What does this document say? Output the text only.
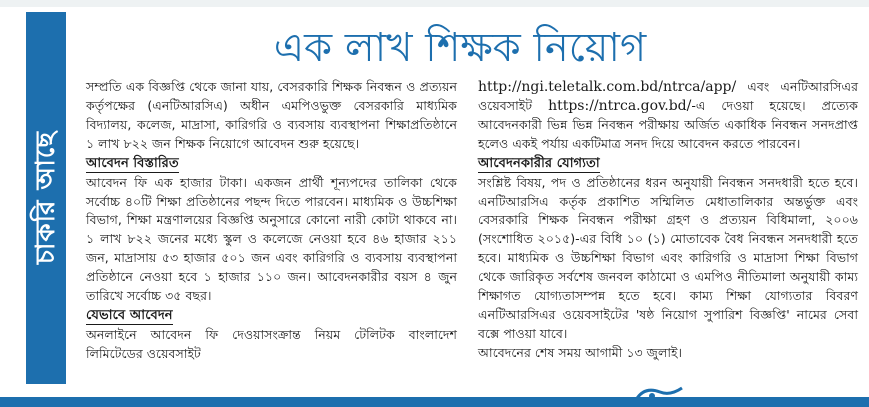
চাকরি আছে
এক লাখ শিক্ষক নিয়োগ

সম্প্রতি এক বিজ্ঞপ্তি থেকে জানা যায়, বেসরকারি শিক্ষক নিবন্ধন ও প্রত্যয়ন কর্তৃপক্ষের (এনটিআরসিএ) অধীন এমপিওভুক্ত বেসরকারি মাধ্যমিক বিদ্যালয়, কলেজ, মাদ্রাসা, কারিগরি ও ব্যবসায় ব্যবস্থাপনা শিক্ষাপ্রতিষ্ঠানে ১ লাখ ৮২২ জন শিক্ষক নিয়োগে আবেদন শুরু হয়েছে।

আবেদন বিস্তারিত

আবেদন ফি এক হাজার টাকা। একজন প্রার্থী শূন্যপদের তালিকা থেকে সর্বোচ্চ ৪০টি শিক্ষা প্রতিষ্ঠানের পছন্দ দিতে পারবেন। মাধ্যমিক ও উচ্চশিক্ষা বিভাগ, শিক্ষা মন্ত্রণালয়ের বিজ্ঞপ্তি অনুসারে কোনো নারী কোটা থাকবে না। ১ লাখ ৮২২ জনের মধ্যে স্কুল ও কলেজে নেওয়া হবে ৪৬ হাজার ২১১ জন, মাদ্রাসায় ৫৩ হাজার ৫০১ জন এবং কারিগরি ও ব্যবসায় ব্যবস্থাপনা প্রতিষ্ঠানে নেওয়া হবে ১ হাজার ১১০ জন। আবেদনকারীর বয়স ৪ জুন তারিখে সর্বোচ্চ ৩৫ বছর।

যেভাবে আবেদন

অনলাইনে আবেদন ফি দেওয়াসংক্রান্ত নিয়ম টেলিটক বাংলাদেশ লিমিটেডের ওয়েবসাইট

http://ngi.teletalk.com.bd/ntrca/app/ এবং এনটিআরসিএর ওয়েবসাইট https://ntrca.gov.bd/-এ দেওয়া হয়েছে। প্রত্যেক আবেদনকারী ভিন্ন ভিন্ন নিবন্ধন পরীক্ষায় অর্জিত একাধিক নিবন্ধন সনদপ্রাপ্ত হলেও একই পর্যায় একটিমাত্র সনদ দিয়ে আবেদন করতে পারবেন।

আবেদনকারীর যোগ্যতা

সংশ্লিষ্ট বিষয়, পদ ও প্রতিষ্ঠানের ধরন অনুযায়ী নিবন্ধন সনদধারী হতে হবে। এনটিআরসিএ কর্তৃক প্রকাশিত সম্মিলিত মেধাতালিকার অন্তর্ভুক্ত এবং বেসরকারি শিক্ষক নিবন্ধন পরীক্ষা গ্রহণ ও প্রত্যয়ন বিধিমালা, ২০০৬ (সংশোধিত ২০১৫)-এর বিধি ১০ (১) মোতাবেক বৈধ নিবন্ধন সনদধারী হতে হবে। মাধ্যমিক ও উচ্চশিক্ষা বিভাগ এবং কারিগরি ও মাদ্রাসা শিক্ষা বিভাগ থেকে জারিকৃত সর্বশেষ জনবল কাঠামো ও এমপিও নীতিমালা অনুযায়ী কাম্য শিক্ষাগত যোগ্যতাসম্পন্ন হতে হবে। কাম্য শিক্ষা যোগ্যতার বিবরণ এনটিআরসিএর ওয়েবসাইটের 'ষষ্ঠ নিয়োগ সুপারিশ বিজ্ঞপ্তি' নামের সেবা বক্সে পাওয়া যাবে।

আবেদনের শেষ সময় আগামী ১৩ জুলাই।
